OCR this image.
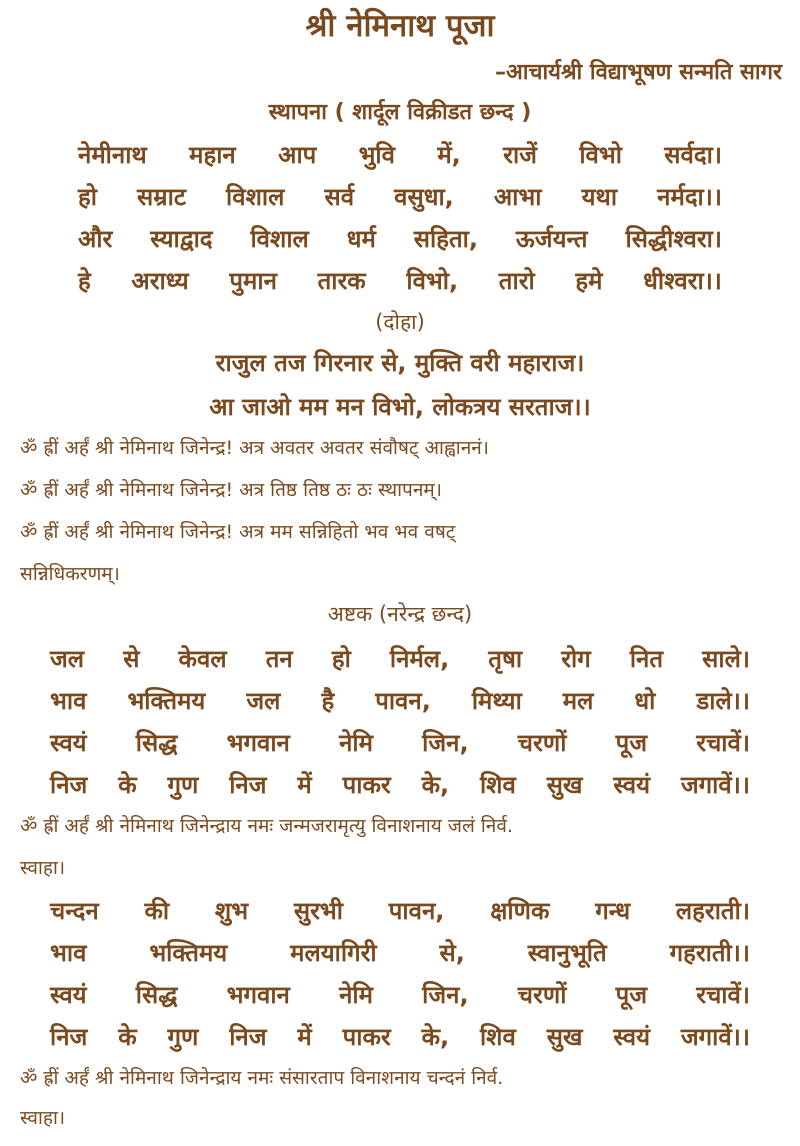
श्री नेमिनाथ पूजा
–आचार्यश्री विद्याभूषण सन्मति सागर
स्थापना ( शार्दूल विक्रीडत छन्द )
नेमीनाथ महान आप भुवि में, राजें विभो सर्वदा।
हो सम्राट विशाल सर्व वसुधा, आभा यथा नर्मदा।।
और स्याद्वाद विशाल धर्म सहिता, ऊर्जयन्त सिद्धीश्वरा।
हे अराध्य पुमान तारक विभो, तारो हमे धीश्वरा।।
(दोहा)
राजुल तज गिरनार से, मुक्ति वरी महाराज।
आ जाओ मम मन विभो, लोकत्रय सरताज।।
ॐ ह्रीं अर्हं श्री नेमिनाथ जिनेन्द्र! अत्र अवतर अवतर संवौषट् आह्वाननं।
ॐ ह्रीं अर्हं श्री नेमिनाथ जिनेन्द्र! अत्र तिष्ठ तिष्ठ ठः ठः स्थापनम्।
ॐ ह्रीं अर्हं श्री नेमिनाथ जिनेन्द्र! अत्र मम सन्निहितो भव भव वषट्
सन्निधिकरणम्।
अष्टक (नरेन्द्र छन्द)
जल से केवल तन हो निर्मल, तृषा रोग नित साले।
भाव भक्तिमय जल है पावन, मिथ्या मल धो डाले।।
स्वयं सिद्ध भगवान नेमि जिन, चरणों पूज रचावें।
निज के गुण निज में पाकर के, शिव सुख स्वयं जगावें।।
ॐ ह्रीं अर्हं श्री नेमिनाथ जिनेन्द्राय नमः जन्मजरामृत्यु विनाशनाय जलं निर्व.
स्वाहा।
चन्दन की शुभ सुरभी पावन, क्षणिक गन्ध लहराती।
भाव	भक्तिमय	मलयागिरी	से,	स्वानुभूति	गहराती।।
स्वयं सिद्ध भगवान नेमि जिन, चरणों पूज रचावें।
निज के गुण निज में पाकर के, शिव सुख स्वयं जगावें।।
ॐ ह्रीं अर्हं श्री नेमिनाथ जिनेन्द्राय नमः संसारताप विनाशनाय चन्दनं निर्व.
स्वाहा।
